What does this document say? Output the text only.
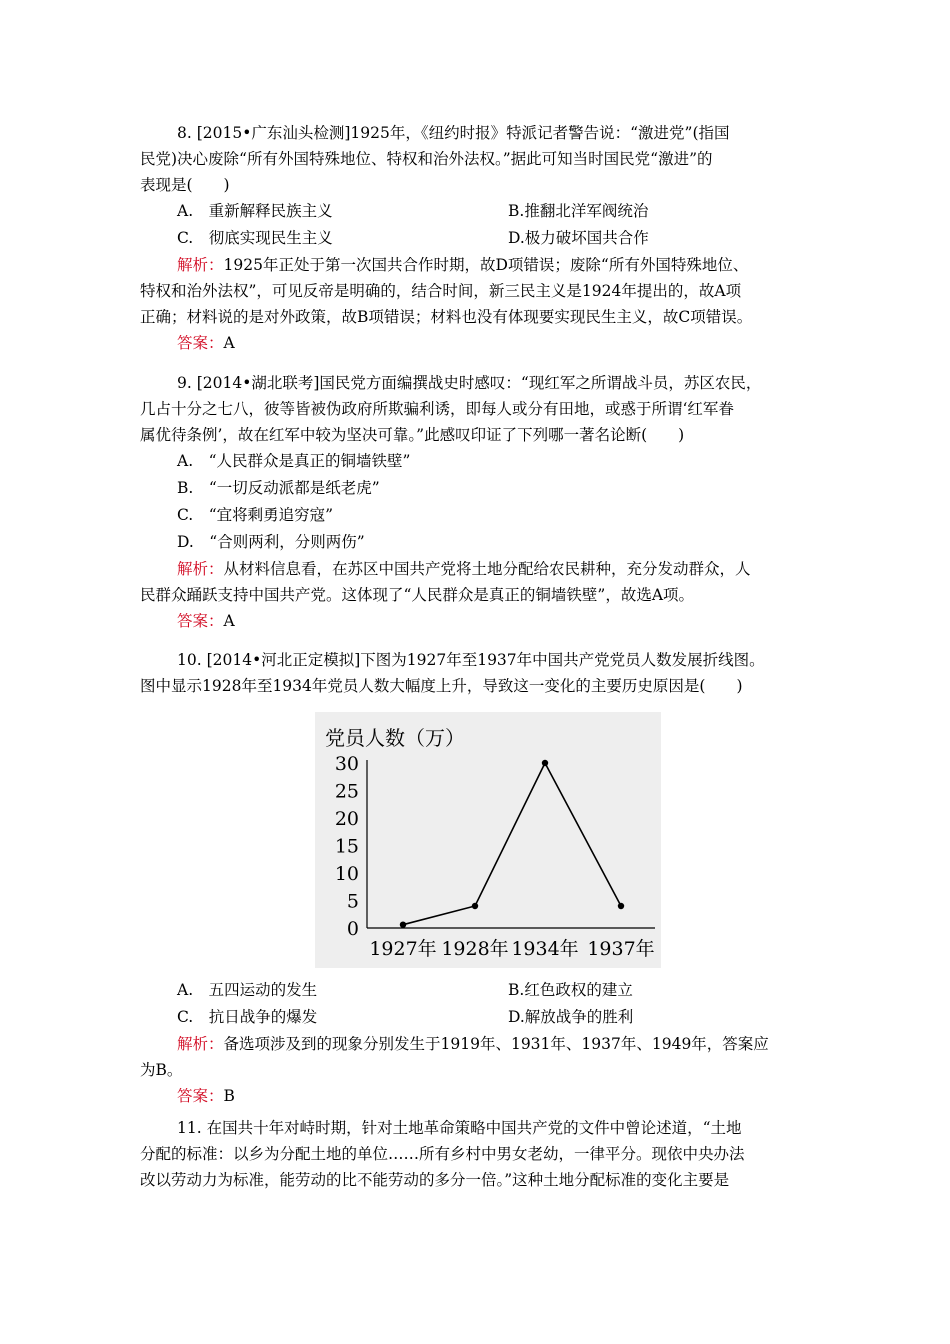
8. [2015•广东汕头检测]1925年，《纽约时报》特派记者警告说：“激进党”(指国
民党)决心废除“所有外国特殊地位、特权和治外法权。”据此可知当时国民党“激进”的
表现是(　　)
A.　重新解释民族主义	B.推翻北洋军阀统治
C.　彻底实现民生主义	D.极力破坏国共合作
解析：1925年正处于第一次国共合作时期，故D项错误；废除“所有外国特殊地位、
特权和治外法权”，可见反帝是明确的，结合时间，新三民主义是1924年提出的，故A项
正确；材料说的是对外政策，故B项错误；材料也没有体现要实现民生主义，故C项错误。
答案：A
9. [2014•湖北联考]国民党方面编撰战史时感叹：“现红军之所谓战斗员，苏区农民，
几占十分之七八，彼等皆被伪政府所欺骗利诱，即每人或分有田地，或惑于所谓‘红军眷
属优待条例’，故在红军中较为坚决可靠。”此感叹印证了下列哪一著名论断(　　)
A.　“人民群众是真正的铜墙铁壁”
B.　“一切反动派都是纸老虎”
C.　“宜将剩勇追穷寇”
D.　“合则两利，分则两伤”
解析：从材料信息看，在苏区中国共产党将土地分配给农民耕种，充分发动群众，人
民群众踊跃支持中国共产党。这体现了“人民群众是真正的铜墙铁壁”，故选A项。
答案：A
10. [2014•河北正定模拟]下图为1927年至1937年中国共产党党员人数发展折线图。
图中显示1928年至1934年党员人数大幅度上升，导致这一变化的主要历史原因是(　　)
党员人数（万）
0
5
10
15
20
25
30
1927年 1928年 1934年 1937年
A.　五四运动的发生	B.红色政权的建立
C.　抗日战争的爆发	D.解放战争的胜利
解析：备选项涉及到的现象分别发生于1919年、1931年、1937年、1949年，答案应
为B。
答案：B
11. 在国共十年对峙时期，针对土地革命策略中国共产党的文件中曾论述道，“土地
分配的标准：以乡为分配土地的单位……所有乡村中男女老幼，一律平分。现依中央办法
改以劳动力为标准，能劳动的比不能劳动的多分一倍。”这种土地分配标准的变化主要是
